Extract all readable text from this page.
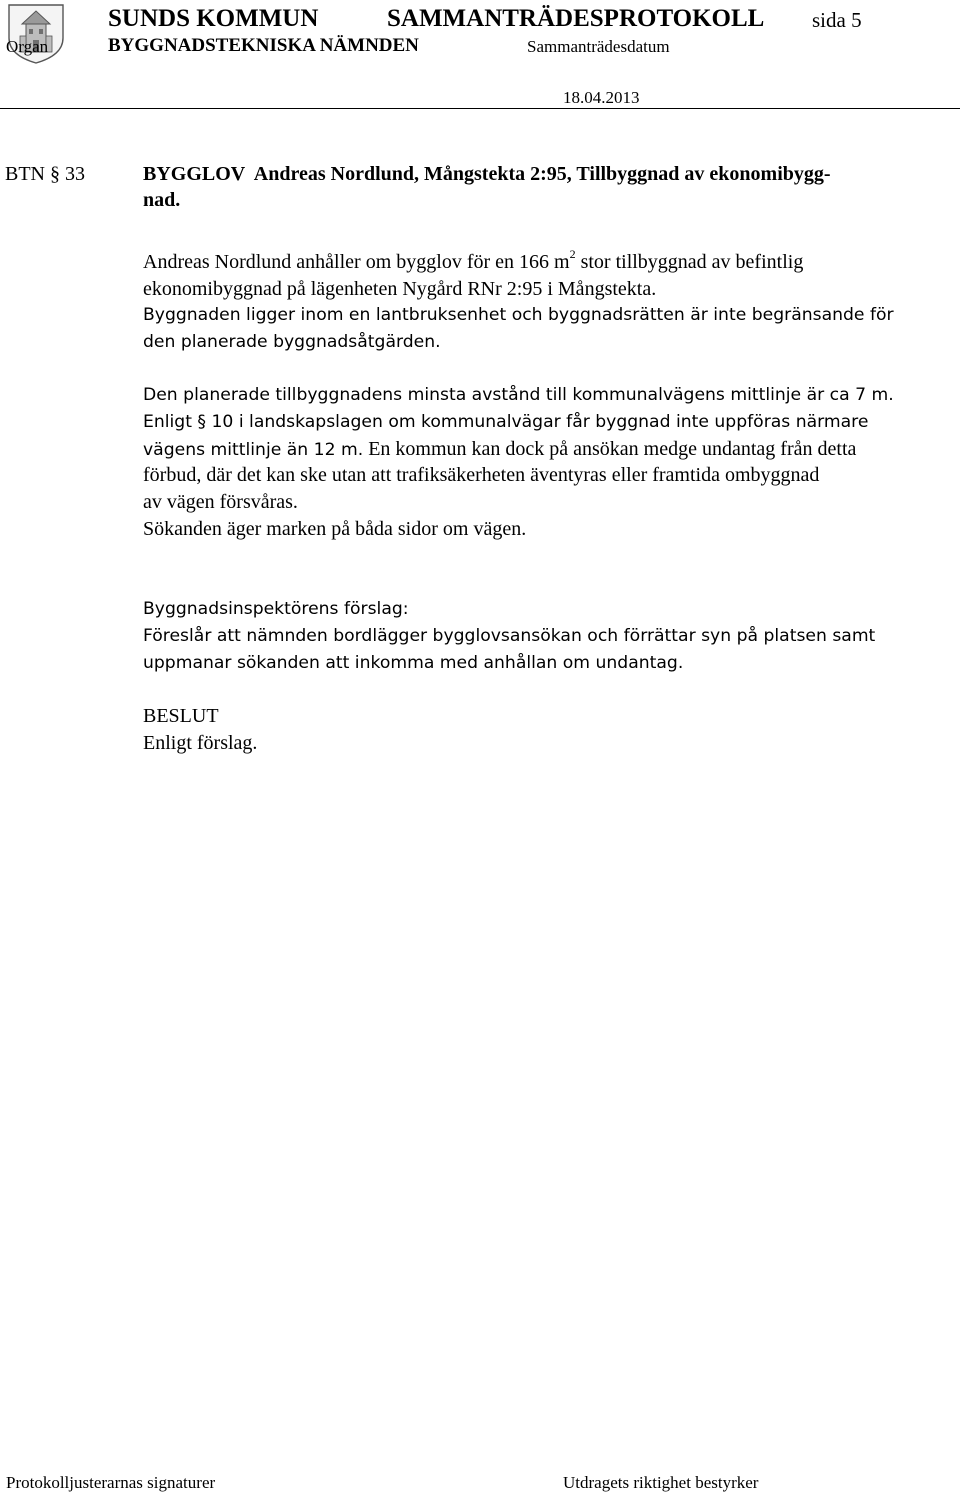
SUNDS KOMMUN	SAMMANTRÄDESPROTOKOLL sida 5
Organ	BYGGNADSTEKNISKA NÄMNDEN	Sammanträdesdatum
18.04.2013
BTN § 33	BYGGLOV  Andreas Nordlund, Mångstekta 2:95, Tillbyggnad av ekonomibygg-
nad.
Andreas Nordlund anhåller om bygglov för en 166 $m^2$ stor tillbyggnad av befintlig
ekonomibyggnad på lägenheten Nygård RNr 2:95 i Mångstekta.
Byggnaden ligger inom en lantbruksenhet och byggnadsrätten är inte begränsande för
den planerade byggnadsåtgärden.
Den planerade tillbyggnadens minsta avstånd till kommunalvägens mittlinje är ca 7 m.
Enligt § 10 i landskapslagen om kommunalvägar får byggnad inte uppföras närmare
vägens mittlinje än 12 m. En kommun kan dock på ansökan medge undantag från detta
förbud, där det kan ske utan att trafiksäkerheten äventyras eller framtida ombyggnad
av vägen försvåras.
Sökanden äger marken på båda sidor om vägen.
Byggnadsinspektörens förslag:
Föreslår att nämnden bordlägger bygglovsansökan och förrättar syn på platsen samt
uppmanar sökanden att inkomma med anhållan om undantag.
BESLUT
Enligt förslag.
Protokolljusterarnas signaturer	Utdragets riktighet bestyrker
